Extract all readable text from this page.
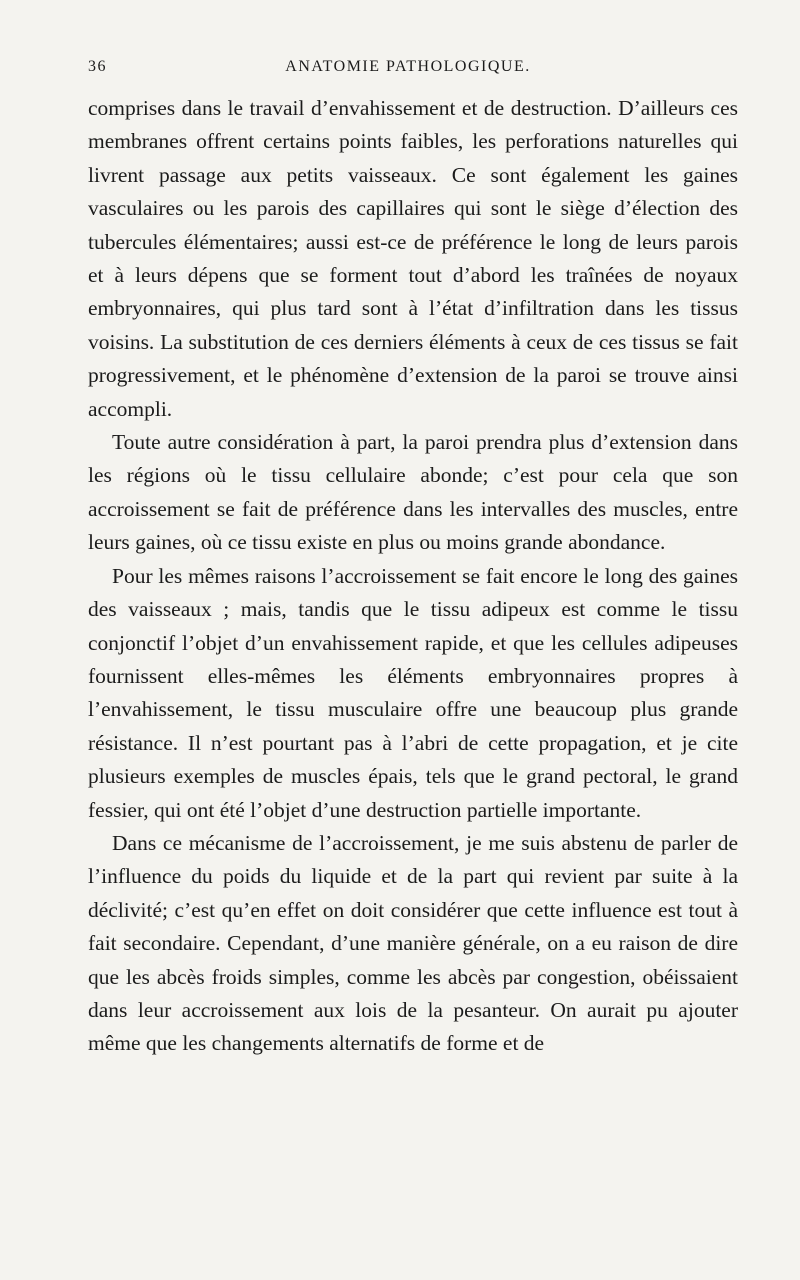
36	ANATOMIE PATHOLOGIQUE.

comprises dans le travail d’envahissement et de destruction. D’ailleurs ces membranes offrent certains points faibles, les perforations naturelles qui livrent passage aux petits vaisseaux. Ce sont également les gaines vasculaires ou les parois des capillaires qui sont le siège d’élection des tubercules élémentaires; aussi est-ce de préférence le long de leurs parois et à leurs dépens que se forment tout d’abord les traînées de noyaux embryonnaires, qui plus tard sont à l’état d’infiltration dans les tissus voisins. La substitution de ces derniers éléments à ceux de ces tissus se fait progressivement, et le phénomène d’extension de la paroi se trouve ainsi accompli.

Toute autre considération à part, la paroi prendra plus d’extension dans les régions où le tissu cellulaire abonde; c’est pour cela que son accroissement se fait de préférence dans les intervalles des muscles, entre leurs gaines, où ce tissu existe en plus ou moins grande abondance.

Pour les mêmes raisons l’accroissement se fait encore le long des gaines des vaisseaux ; mais, tandis que le tissu adipeux est comme le tissu conjonctif l’objet d’un envahissement rapide, et que les cellules adipeuses fournissent elles-mêmes les éléments embryonnaires propres à l’envahissement, le tissu musculaire offre une beaucoup plus grande résistance. Il n’est pourtant pas à l’abri de cette propagation, et je cite plusieurs exemples de muscles épais, tels que le grand pectoral, le grand fessier, qui ont été l’objet d’une destruction partielle importante.

Dans ce mécanisme de l’accroissement, je me suis abstenu de parler de l’influence du poids du liquide et de la part qui revient par suite à la déclivité; c’est qu’en effet on doit considérer que cette influence est tout à fait secondaire. Cependant, d’une manière générale, on a eu raison de dire que les abcès froids simples, comme les abcès par congestion, obéissaient dans leur accroissement aux lois de la pesanteur. On aurait pu ajouter même que les changements alternatifs de forme et de
